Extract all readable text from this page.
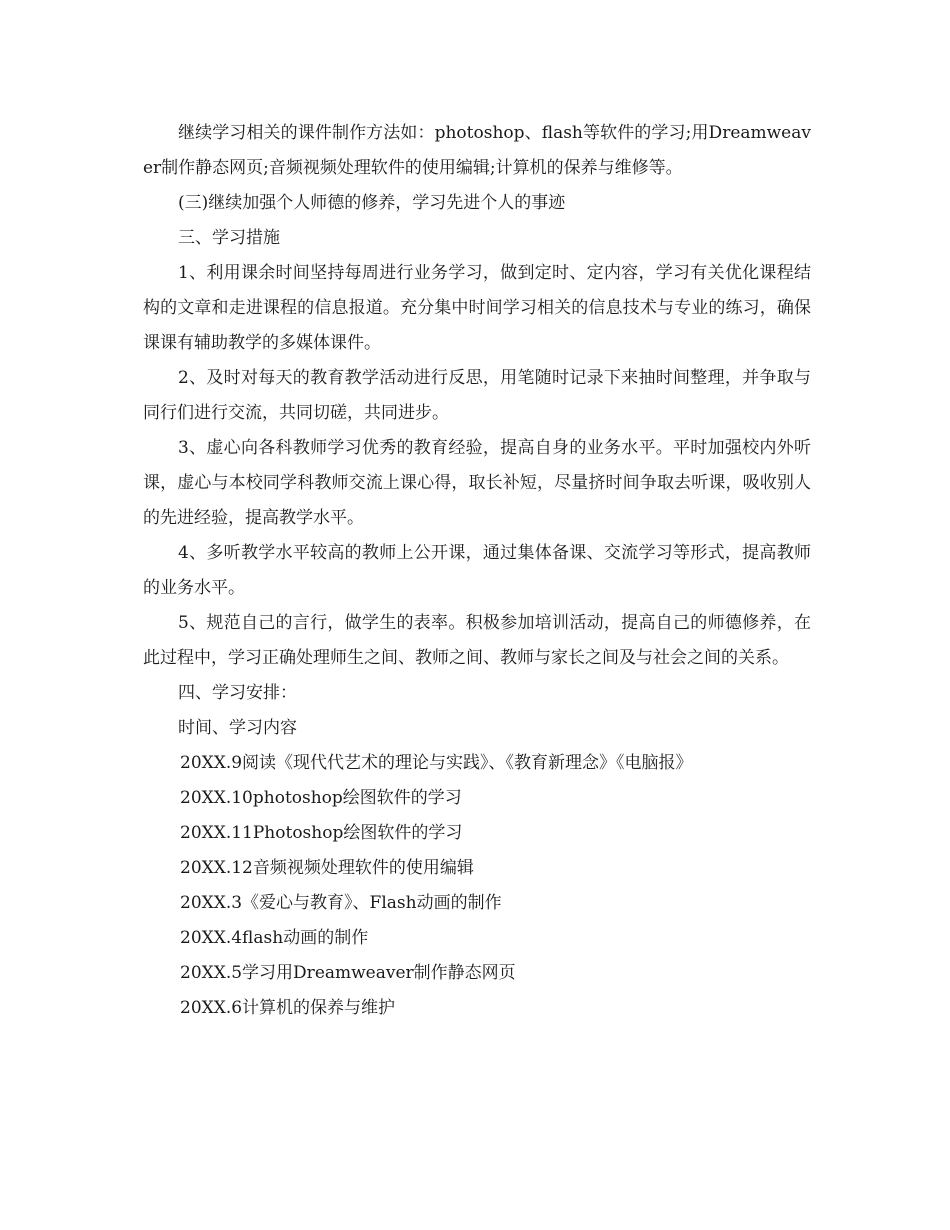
继续学习相关的课件制作方法如：photoshop、flash等软件的学习;用Dreamweaver制作静态网页;音频视频处理软件的使用编辑;计算机的保养与维修等。

(三)继续加强个人师德的修养，学习先进个人的事迹

三、学习措施

1、利用课余时间坚持每周进行业务学习，做到定时、定内容，学习有关优化课程结构的文章和走进课程的信息报道。充分集中时间学习相关的信息技术与专业的练习，确保课课有辅助教学的多媒体课件。

2、及时对每天的教育教学活动进行反思，用笔随时记录下来抽时间整理，并争取与同行们进行交流，共同切磋，共同进步。

3、虚心向各科教师学习优秀的教育经验，提高自身的业务水平。平时加强校内外听课，虚心与本校同学科教师交流上课心得，取长补短，尽量挤时间争取去听课，吸收别人的先进经验，提高教学水平。

4、多听教学水平较高的教师上公开课，通过集体备课、交流学习等形式，提高教师的业务水平。

5、规范自己的言行，做学生的表率。积极参加培训活动，提高自己的师德修养，在此过程中，学习正确处理师生之间、教师之间、教师与家长之间及与社会之间的关系。

四、学习安排：

时间、学习内容

20XX.9阅读《现代代艺术的理论与实践》、《教育新理念》《电脑报》

20XX.10photoshop绘图软件的学习

20XX.11Photoshop绘图软件的学习

20XX.12音频视频处理软件的使用编辑

20XX.3《爱心与教育》、Flash动画的制作

20XX.4flash动画的制作

20XX.5学习用Dreamweaver制作静态网页

20XX.6计算机的保养与维护
